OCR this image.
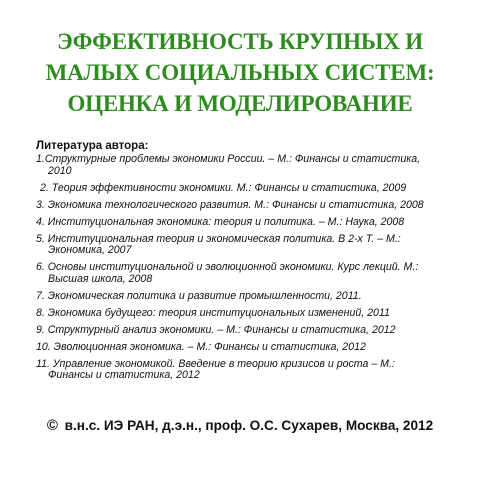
ЭФФЕКТИВНОСТЬ КРУПНЫХ И
МАЛЫХ СОЦИАЛЬНЫХ СИСТЕМ:
ОЦЕНКА И МОДЕЛИРОВАНИЕ
Литература автора:
1.Структурные проблемы экономики России. – М.: Финансы и статистика,
2010
2. Теория эффективности экономики. М.: Финансы и статистика, 2009
3. Экономика технологического развития. М.: Финансы и статистика, 2008
4. Институциональная экономика: теория и политика. – М.: Наука, 2008
5. Институциональная теория и экономическая политика. В 2-х Т. – М.:
Экономика, 2007
6. Основы институциональной и эволюционной экономики. Курс лекций. М.:
Высшая школа, 2008
7. Экономическая политика и развитие промышленности, 2011.
8. Экономика будущего: теория институциональных изменений, 2011
9. Структурный анализ экономики. – М.: Финансы и статистика, 2012
10. Эволюционная экономика. – М.: Финансы и статистика, 2012
11. Управление экономикой. Введение в теорию кризисов и роста – М.:
Финансы и статистика, 2012
© в.н.с. ИЭ РАН, д.э.н., проф. О.С. Сухарев, Москва, 2012
